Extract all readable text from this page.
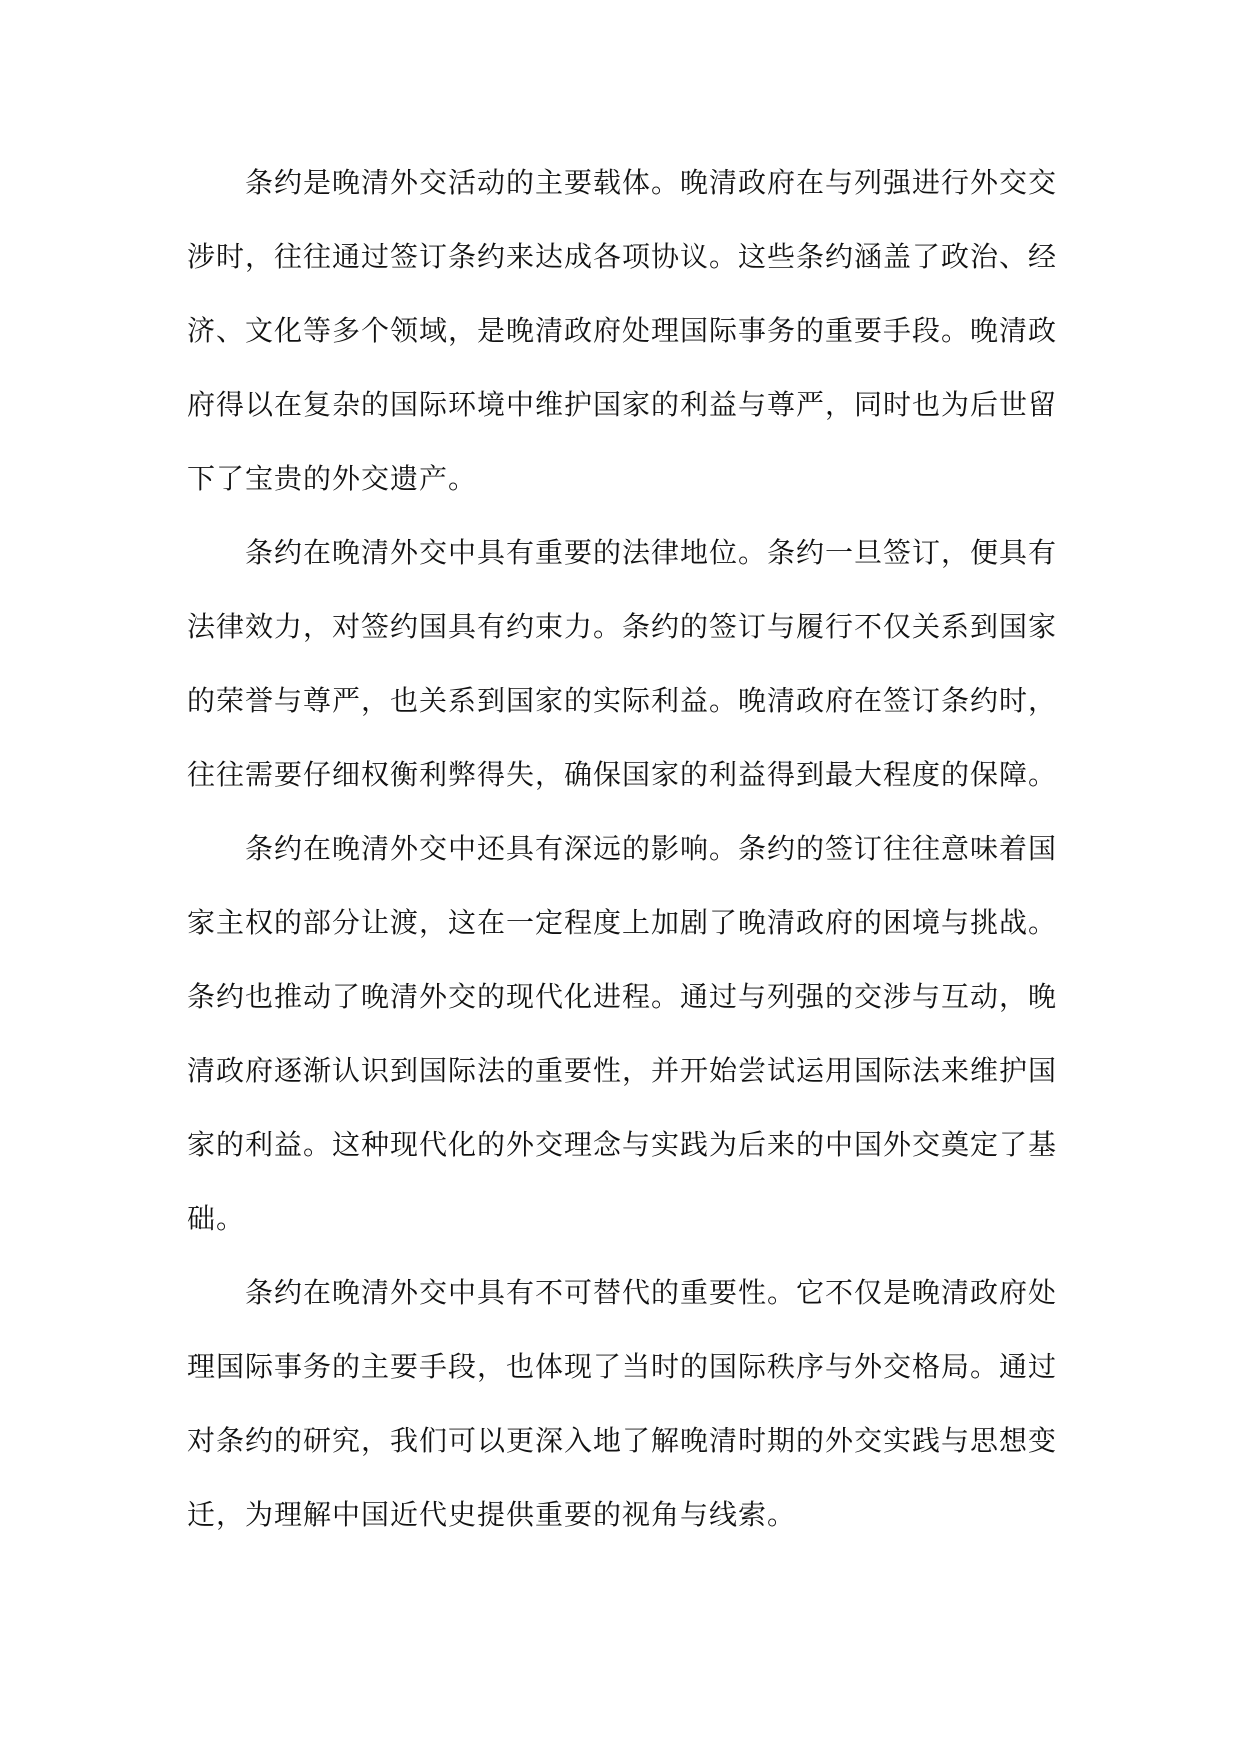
条约是晚清外交活动的主要载体。晚清政府在与列强进行外交交涉时，往往通过签订条约来达成各项协议。这些条约涵盖了政治、经济、文化等多个领域，是晚清政府处理国际事务的重要手段。晚清政府得以在复杂的国际环境中维护国家的利益与尊严，同时也为后世留下了宝贵的外交遗产。

条约在晚清外交中具有重要的法律地位。条约一旦签订，便具有法律效力，对签约国具有约束力。条约的签订与履行不仅关系到国家的荣誉与尊严，也关系到国家的实际利益。晚清政府在签订条约时，往往需要仔细权衡利弊得失，确保国家的利益得到最大程度的保障。

条约在晚清外交中还具有深远的影响。条约的签订往往意味着国家主权的部分让渡，这在一定程度上加剧了晚清政府的困境与挑战。条约也推动了晚清外交的现代化进程。通过与列强的交涉与互动，晚清政府逐渐认识到国际法的重要性，并开始尝试运用国际法来维护国家的利益。这种现代化的外交理念与实践为后来的中国外交奠定了基础。

条约在晚清外交中具有不可替代的重要性。它不仅是晚清政府处理国际事务的主要手段，也体现了当时的国际秩序与外交格局。通过对条约的研究，我们可以更深入地了解晚清时期的外交实践与思想变迁，为理解中国近代史提供重要的视角与线索。
